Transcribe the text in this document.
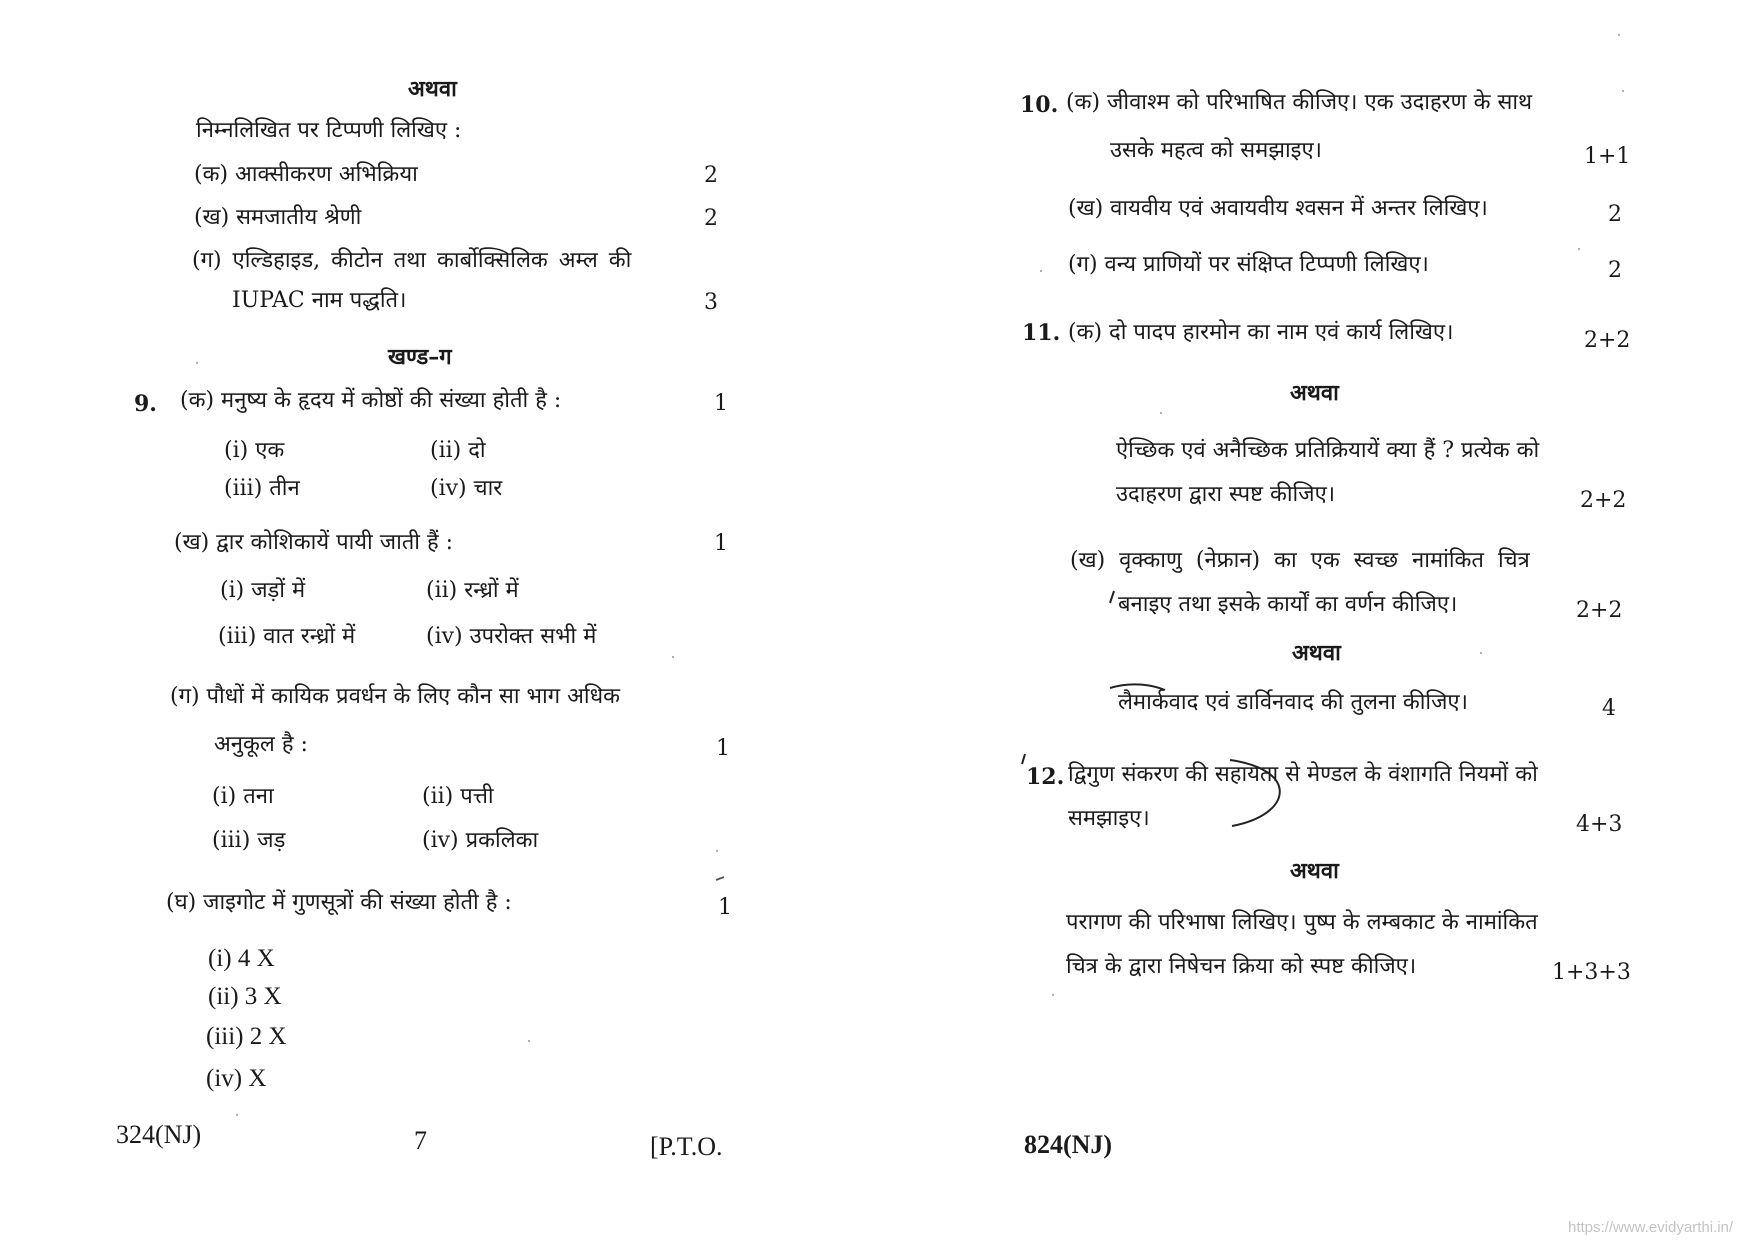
अथवा
निम्नलिखित पर टिप्पणी लिखिए :
(क) आक्सीकरण अभिक्रिया	2
(ख) समजातीय श्रेणी	2
(ग) एल्डिहाइड, कीटोन तथा कार्बोक्सिलिक अम्ल की
IUPAC नाम पद्धति।	3
खण्ड–ग
9. (क) मनुष्य के हृदय में कोष्ठों की संख्या होती है :	1
(i) एक	(ii) दो
(iii) तीन	(iv) चार
(ख) द्वार कोशिकायें पायी जाती हैं :	1
(i) जड़ों में	(ii) रन्ध्रों में
(iii) वात रन्ध्रों में	(iv) उपरोक्त सभी में
(ग) पौधों में कायिक प्रवर्धन के लिए कौन सा भाग अधिक
अनुकूल है :	1
(i) तना	(ii) पत्ती
(iii) जड़	(iv) प्रकलिका
(घ) जाइगोट में गुणसूत्रों की संख्या होती है :	1
(i) 4 X
(ii) 3 X
(iii) 2 X
(iv) X
324(NJ)	7	[P.T.O.
10. (क) जीवाश्म को परिभाषित कीजिए। एक उदाहरण के साथ
उसके महत्व को समझाइए।	1+1
(ख) वायवीय एवं अवायवीय श्वसन में अन्तर लिखिए।	2
(ग) वन्य प्राणियों पर संक्षिप्त टिप्पणी लिखिए।	2
11. (क) दो पादप हारमोन का नाम एवं कार्य लिखिए।	2+2
अथवा
ऐच्छिक एवं अनैच्छिक प्रतिक्रियायें क्या हैं ? प्रत्येक को
उदाहरण द्वारा स्पष्ट कीजिए।	2+2
(ख) वृक्काणु (नेफ्रान) का एक स्वच्छ नामांकित चित्र
बनाइए तथा इसके कार्यों का वर्णन कीजिए।	2+2
अथवा
लैमार्कवाद एवं डार्विनवाद की तुलना कीजिए।	4
12. द्विगुण संकरण की सहायता से मेण्डल के वंशागति नियमों को
समझाइए।	4+3
अथवा
परागण की परिभाषा लिखिए। पुष्प के लम्बकाट के नामांकित
चित्र के द्वारा निषेचन क्रिया को स्पष्ट कीजिए।	1+3+3
824(NJ)
https://www.evidyarthi.in/
